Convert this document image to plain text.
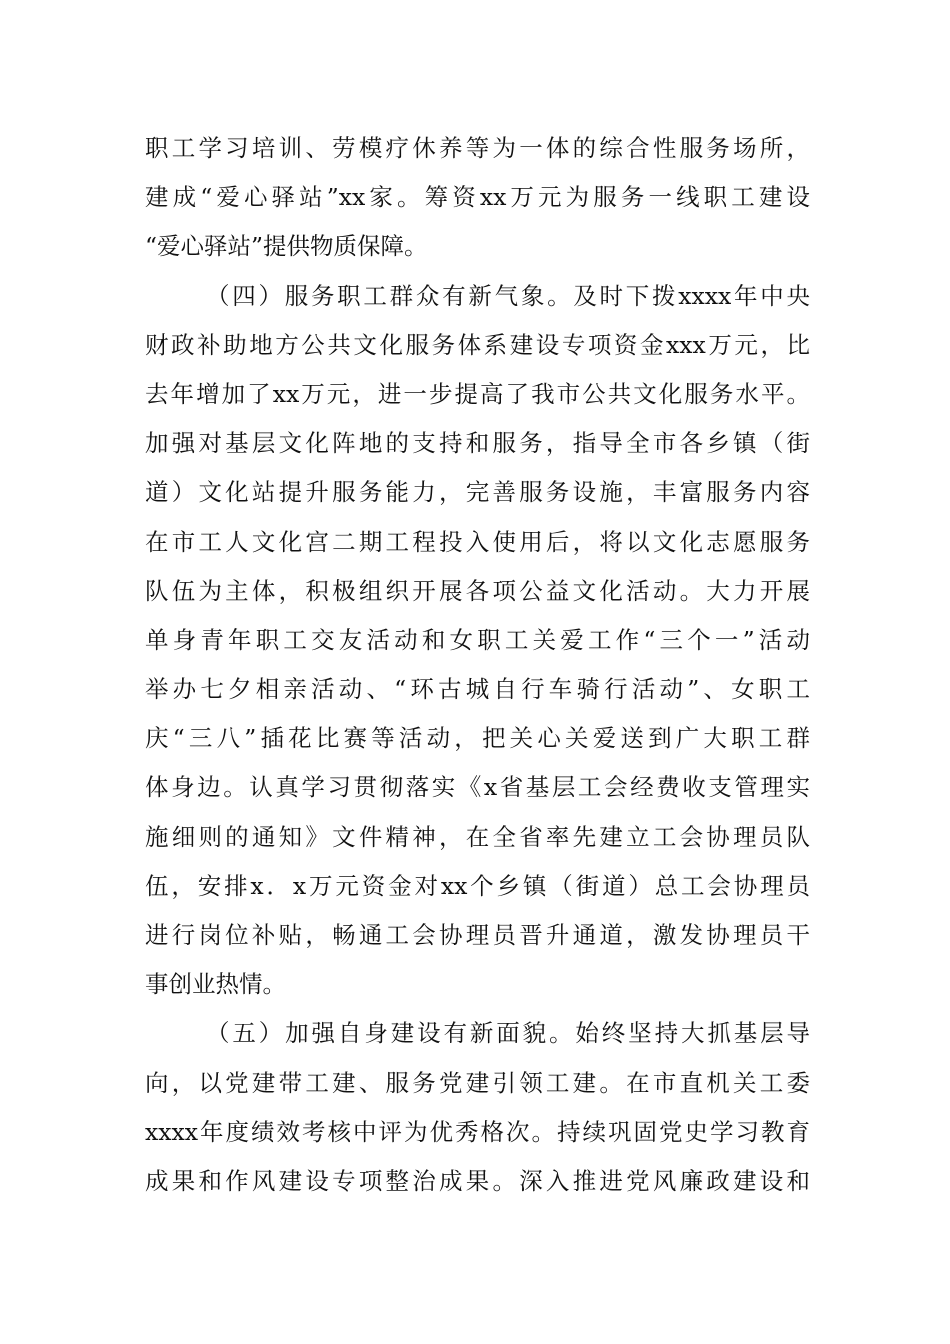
职工学习培训、劳模疗休养等为一体的综合性服务场所，
建成“爱心驿站”xx家。筹资xx万元为服务一线职工建设
“爱心驿站”提供物质保障。
（四）服务职工群众有新气象。及时下拨xxxx年中央
财政补助地方公共文化服务体系建设专项资金xxx万元，比
去年增加了xx万元，进一步提高了我市公共文化服务水平。
加强对基层文化阵地的支持和服务，指导全市各乡镇（街
道）文化站提升服务能力，完善服务设施，丰富服务内容
在市工人文化宫二期工程投入使用后，将以文化志愿服务
队伍为主体，积极组织开展各项公益文化活动。大力开展
单身青年职工交友活动和女职工关爱工作“三个一”活动
举办七夕相亲活动、“环古城自行车骑行活动”、女职工
庆“三八”插花比赛等活动，把关心关爱送到广大职工群
体身边。认真学习贯彻落实《x省基层工会经费收支管理实
施细则的通知》文件精神，在全省率先建立工会协理员队
伍，安排x．x万元资金对xx个乡镇（街道）总工会协理员
进行岗位补贴，畅通工会协理员晋升通道，激发协理员干
事创业热情。
（五）加强自身建设有新面貌。始终坚持大抓基层导
向，以党建带工建、服务党建引领工建。在市直机关工委
xxxx年度绩效考核中评为优秀格次。持续巩固党史学习教育
成果和作风建设专项整治成果。深入推进党风廉政建设和
